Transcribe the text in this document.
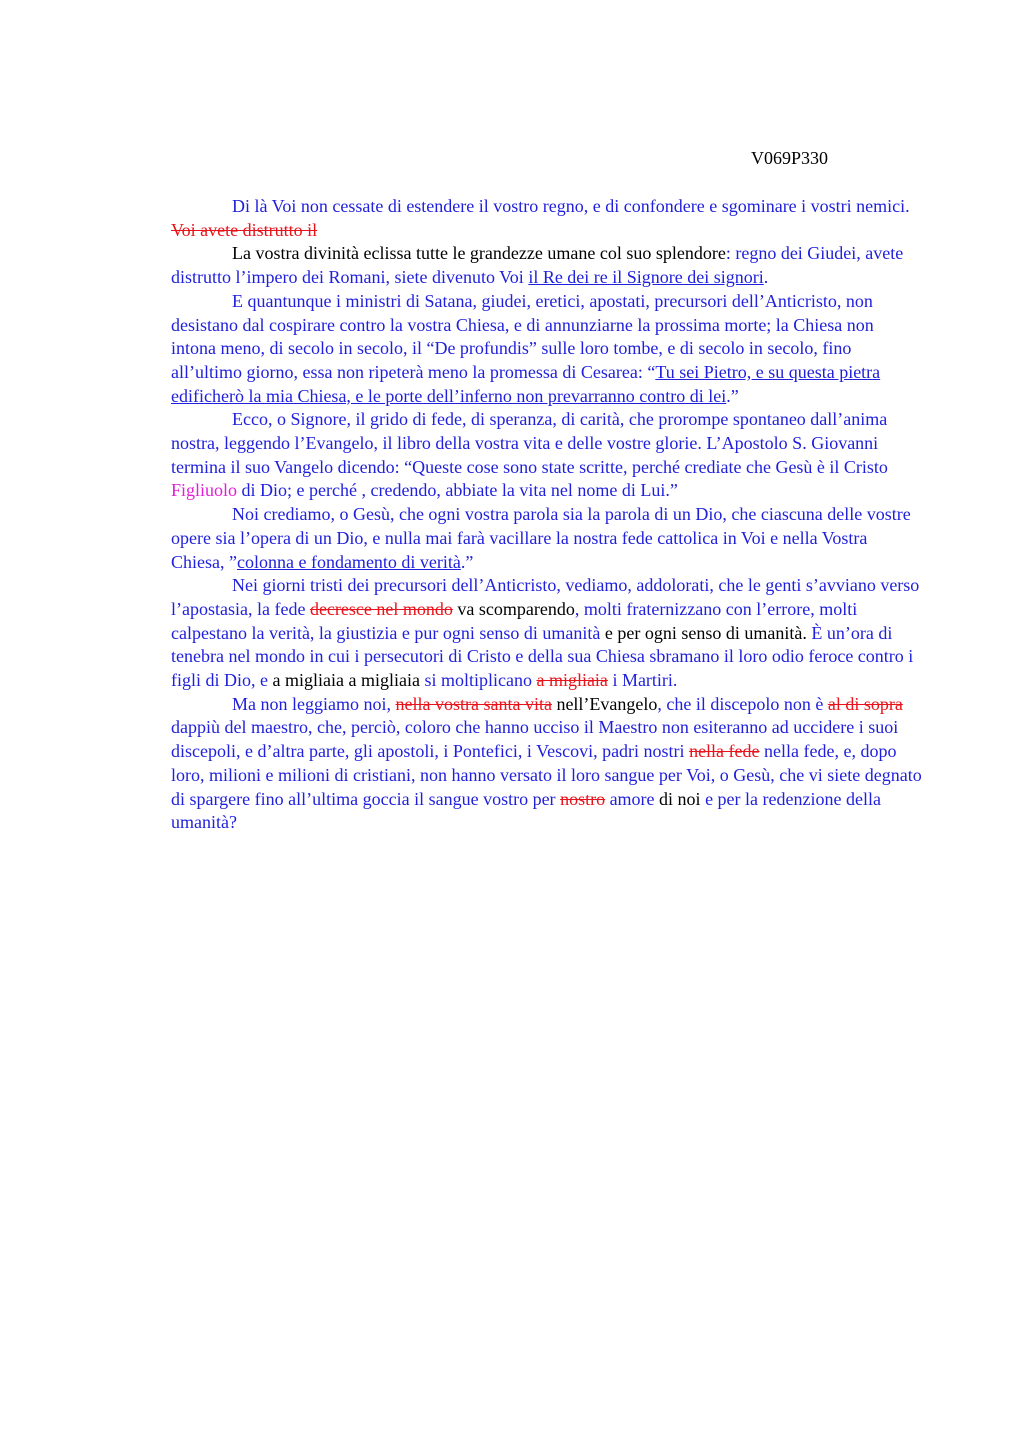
V069P330

Di là Voi non cessate di estendere il vostro regno, e di confondere e sgominare i vostri nemici. Voi avete distrutto il

La vostra divinità eclissa tutte le grandezze umane col suo splendore: regno dei Giudei, avete distrutto l’impero dei Romani, siete divenuto Voi il Re dei re il Signore dei signori.

E quantunque i ministri di Satana, giudei, eretici, apostati, precursori dell’Anticristo, non desistano dal cospirare contro la vostra Chiesa, e di annunziarne la prossima morte; la Chiesa non intona meno, di secolo in secolo, il “De profundis” sulle loro tombe, e di secolo in secolo, fino all’ultimo giorno, essa non ripeterà meno la promessa di Cesarea: “Tu sei Pietro, e su questa pietra edificherò la mia Chiesa, e le porte dell’inferno non prevarranno contro di lei.”

Ecco, o Signore, il grido di fede, di speranza, di carità, che prorompe spontaneo dall’anima nostra, leggendo l’Evangelo, il libro della vostra vita e delle vostre glorie. L’Apostolo S. Giovanni termina il suo Vangelo dicendo: “Queste cose sono state scritte, perché crediate che Gesù è il Cristo Figliuolo di Dio; e perché , credendo, abbiate la vita nel nome di Lui.”

Noi crediamo, o Gesù, che ogni vostra parola sia la parola di un Dio, che ciascuna delle vostre opere sia l’opera di un Dio, e nulla mai farà vacillare la nostra fede cattolica in Voi e nella Vostra Chiesa, ”colonna e fondamento di verità.”

Nei giorni tristi dei precursori dell’Anticristo, vediamo, addolorati, che le genti s’avviano verso l’apostasia, la fede decresce nel mondo va scomparendo, molti fraternizzano con l’errore, molti calpestano la verità, la giustizia e pur ogni senso di umanità e per ogni senso di umanità. È un’ora di tenebra nel mondo in cui i persecutori di Cristo e della sua Chiesa sbramano il loro odio feroce contro i figli di Dio, e a migliaia a migliaia si moltiplicano a migliaia i Martiri.

Ma non leggiamo noi, nella vostra santa vita nell’Evangelo, che il discepolo non è al di sopra dappiù del maestro, che, perciò, coloro che hanno ucciso il Maestro non esiteranno ad uccidere i suoi discepoli, e d’altra parte, gli apostoli, i Pontefici, i Vescovi, padri nostri nella fede nella fede, e, dopo loro, milioni e milioni di cristiani, non hanno versato il loro sangue per Voi, o Gesù, che vi siete degnato di spargere fino all’ultima goccia il sangue vostro per nostro amore di noi e per la redenzione della umanità?
